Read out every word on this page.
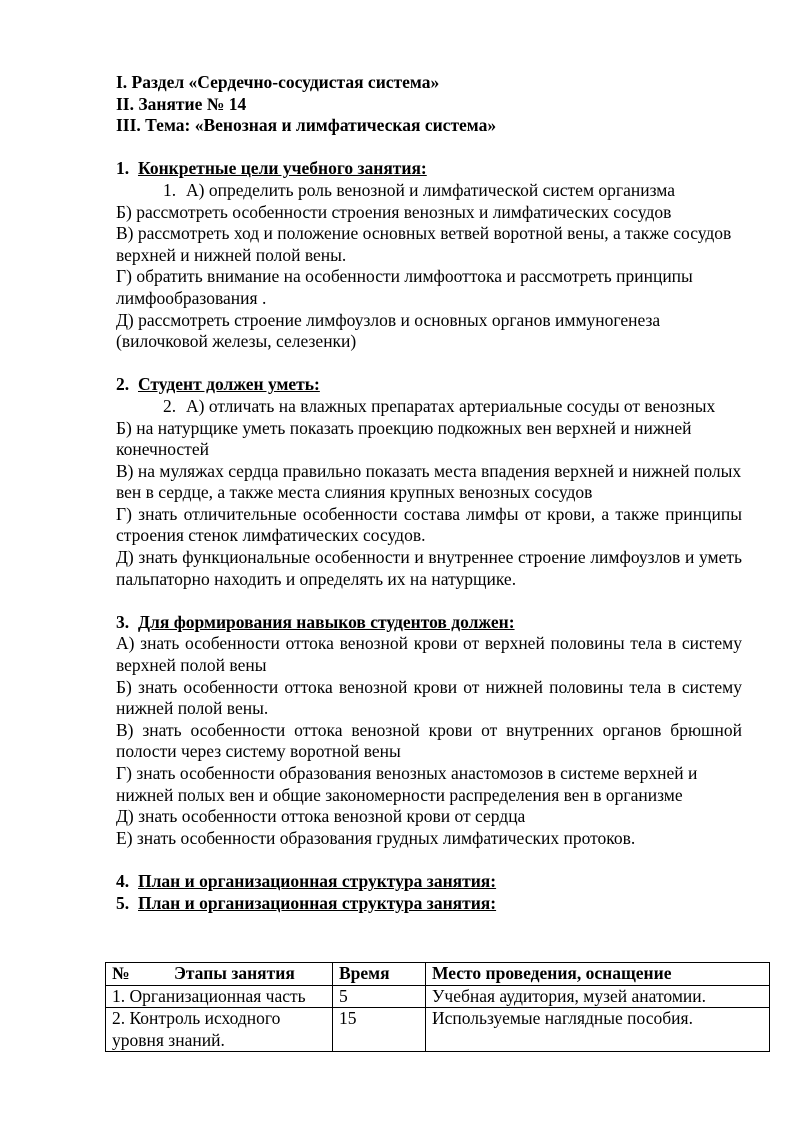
I. Раздел «Сердечно-сосудистая система»
II. Занятие № 14
III. Тема: «Венозная и лимфатическая система»
1. Конкретные цели учебного занятия:
1. А) определить роль венозной и лимфатической систем организма

Б) рассмотреть особенности строения венозных и лимфатических сосудов

В) рассмотреть ход и положение основных ветвей воротной вены, а также сосудов верхней и нижней полой вены.

Г) обратить внимание на особенности лимфооттока и рассмотреть принципы лимфообразования .

Д) рассмотреть строение лимфоузлов и основных органов иммуногенеза (вилочковой железы, селезенки)

2. Студент должен уметь:
2. А) отличать на влажных препаратах артериальные сосуды от венозных

Б) на натурщике уметь показать проекцию подкожных вен верхней и нижней конечностей

В) на муляжах сердца правильно показать места впадения верхней и нижней полых вен в сердце, а также места слияния крупных венозных сосудов

Г) знать отличительные особенности состава лимфы от крови, а также принципы строения стенок лимфатических сосудов.

Д) знать функциональные особенности и внутреннее строение лимфоузлов и уметь пальпаторно находить и определять их на натурщике.

3. Для формирования навыков студентов должен:

А) знать особенности оттока венозной крови от верхней половины тела в систему верхней полой вены

Б) знать особенности оттока венозной крови от нижней половины тела в систему нижней полой вены.

В) знать особенности оттока венозной крови от внутренних органов брюшной полости через систему воротной вены

Г) знать особенности образования венозных анастомозов в системе верхней и нижней полых вен и общие закономерности распределения вен в организме

Д) знать особенности оттока венозной крови от сердца

Е) знать особенности образования грудных лимфатических протоков.

4. План и организационная структура занятия:
5. План и организационная структура занятия:
№ Этапы занятия	Время	Место проведения, оснащение
1. Организационная часть	5	Учебная аудитория, музей анатомии.
2. Контроль исходного уровня знаний.	15	Используемые наглядные пособия.
